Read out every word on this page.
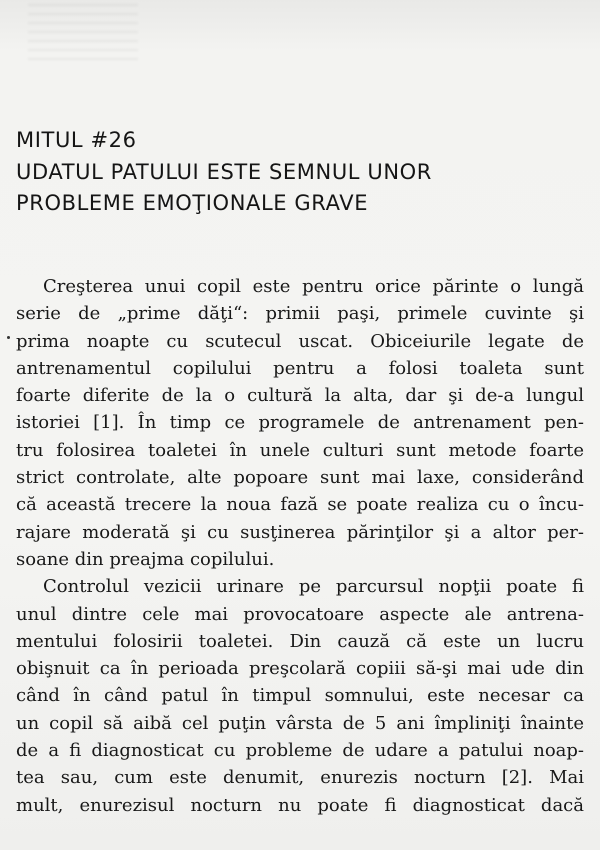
MITUL #26
UDATUL PATULUI ESTE SEMNUL UNOR
PROBLEME EMOŢIONALE GRAVE
Creşterea unui copil este pentru orice părinte o lungă
serie de „prime dăţi“: primii paşi, primele cuvinte şi
prima noapte cu scutecul uscat. Obiceiurile legate de
antrenamentul copilului pentru a folosi toaleta sunt
foarte diferite de la o cultură la alta, dar şi de-a lungul
istoriei [1]. În timp ce programele de antrenament pen-
tru folosirea toaletei în unele culturi sunt metode foarte
strict controlate, alte popoare sunt mai laxe, considerând
că această trecere la noua fază se poate realiza cu o încu-
rajare moderată şi cu susţinerea părinţilor şi a altor per-
soane din preajma copilului.
Controlul vezicii urinare pe parcursul nopţii poate fi
unul dintre cele mai provocatoare aspecte ale antrena-
mentului folosirii toaletei. Din cauză că este un lucru
obişnuit ca în perioada preşcolară copiii să-şi mai ude din
când în când patul în timpul somnului, este necesar ca
un copil să aibă cel puţin vârsta de 5 ani împliniţi înainte
de a fi diagnosticat cu probleme de udare a patului noap-
tea sau, cum este denumit, enurezis nocturn [2]. Mai
mult, enurezisul nocturn nu poate fi diagnosticat dacă
